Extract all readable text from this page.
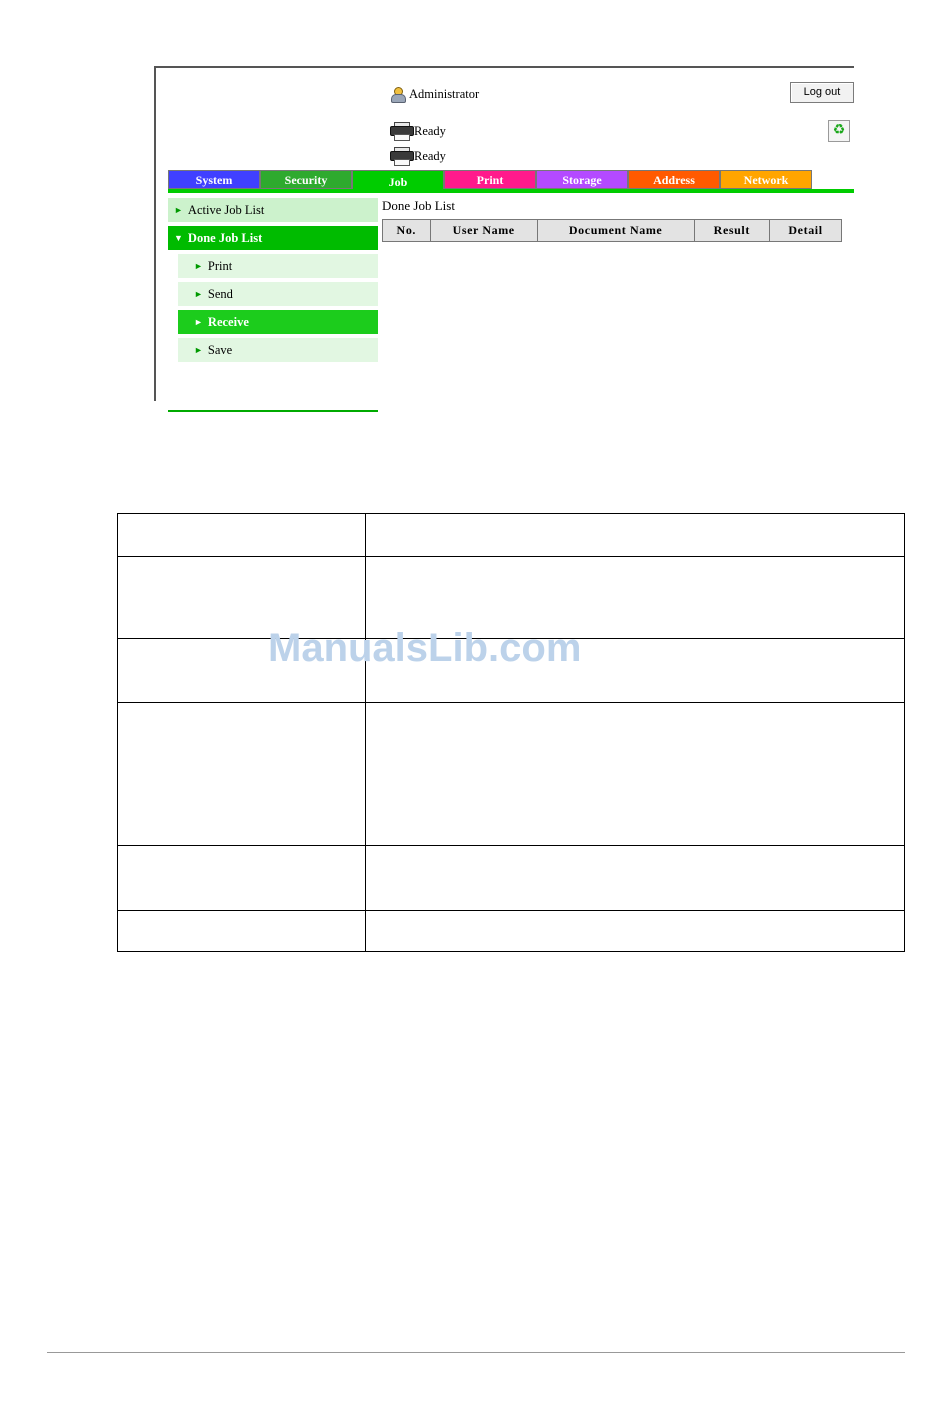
Administrator	Log out
Ready
Ready
♻
System	Security	Job	Print	Storage	Address	Network
► Active Job List
▼ Done Job List
► Print
► Send
► Receive
► Save
Done Job List
No.	User Name	Document Name	Result	Detail

ManualsLib.com
